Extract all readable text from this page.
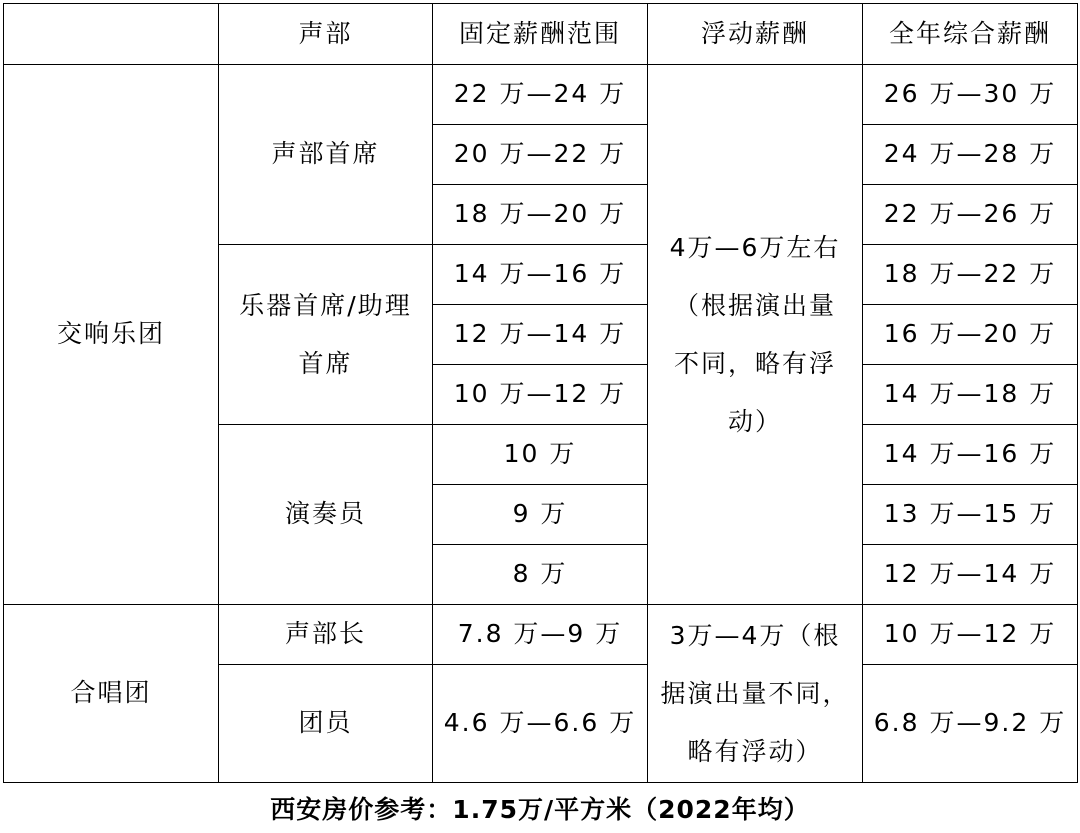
	声部	固定薪酬范围	浮动薪酬	全年综合薪酬
交响乐团	声部首席	22 万—24 万	4万—6万左右（根据演出量不同，略有浮动）	26 万—30 万
		20 万—22 万		24 万—28 万
		18 万—20 万		22 万—26 万
	乐器首席/助理首席	14 万—16 万		18 万—22 万
		12 万—14 万		16 万—20 万
		10 万—12 万		14 万—18 万
	演奏员	10 万		14 万—16 万
		9 万		13 万—15 万
		8 万		12 万—14 万
合唱团	声部长	7.8 万—9 万	3万—4万（根据演出量不同，略有浮动）	10 万—12 万
	团员	4.6 万—6.6 万		6.8 万—9.2 万
西安房价参考：1.75万/平方米（2022年均）
